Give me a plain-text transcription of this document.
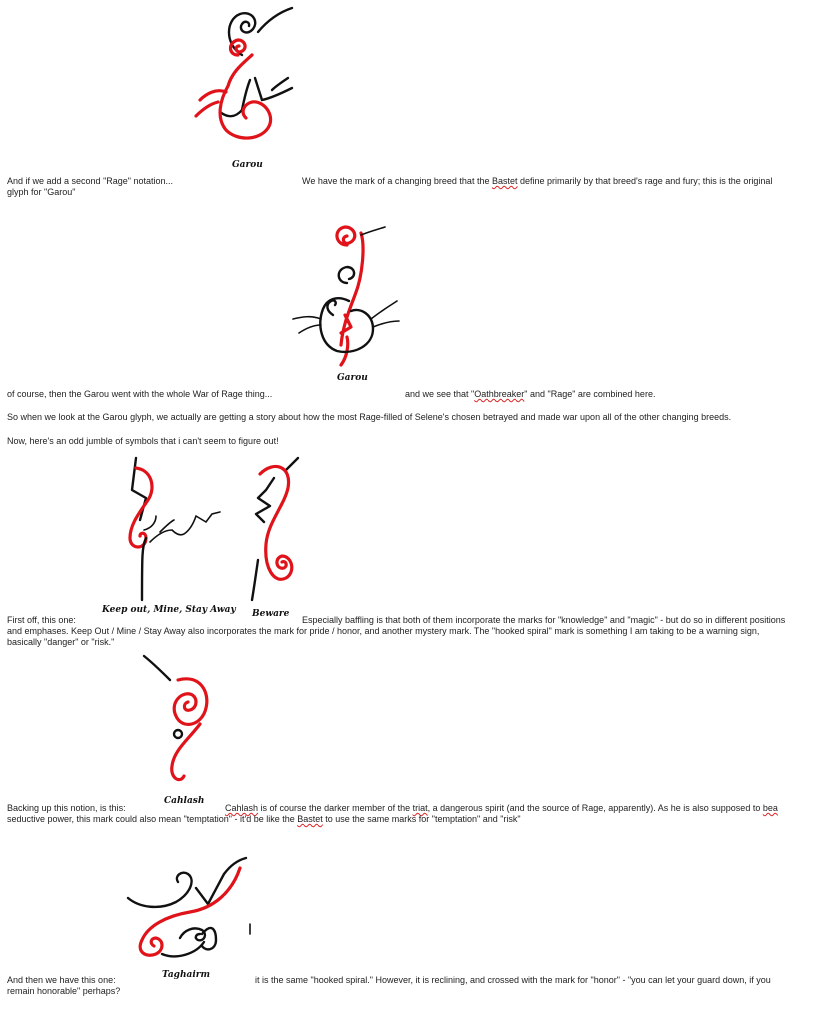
Garou
And if we add a second "Rage" notation...	We have the mark of a changing breed that the Bastet define primarily by that breed's rage and fury; this is the original
glyph for "Garou"
Garou
of course, then the Garou went with the whole War of Rage thing...	and we see that "Oathbreaker" and "Rage" are combined here.
So when we look at the Garou glyph, we actually are getting a story about how the most Rage-filled of Selene's chosen betrayed and made war upon all of the other changing breeds.
Now, here's an odd jumble of symbols that i can't seem to figure out!
Keep out, Mine, Stay Away Beware
First off, this one:	Especially baffling is that both of them incorporate the marks for "knowledge" and "magic" - but do so in different positions
and emphases. Keep Out / Mine / Stay Away also incorporates the mark for pride / honor, and another mystery mark. The "hooked spiral" mark is something I am taking to be a warning sign,
basically "danger" or "risk."
Cahlash
Backing up this notion, is this:	Cahlash is of course the darker member of the triat, a dangerous spirit (and the source of Rage, apparently). As he is also supposed to bea
seductive power, this mark could also mean "temptation" - it'd be like the Bastet to use the same marks for "temptation" and "risk"
Taghairm
And then we have this one:	it is the same "hooked spiral." However, it is reclining, and crossed with the mark for "honor" - "you can let your guard down, if you
remain honorable" perhaps?
